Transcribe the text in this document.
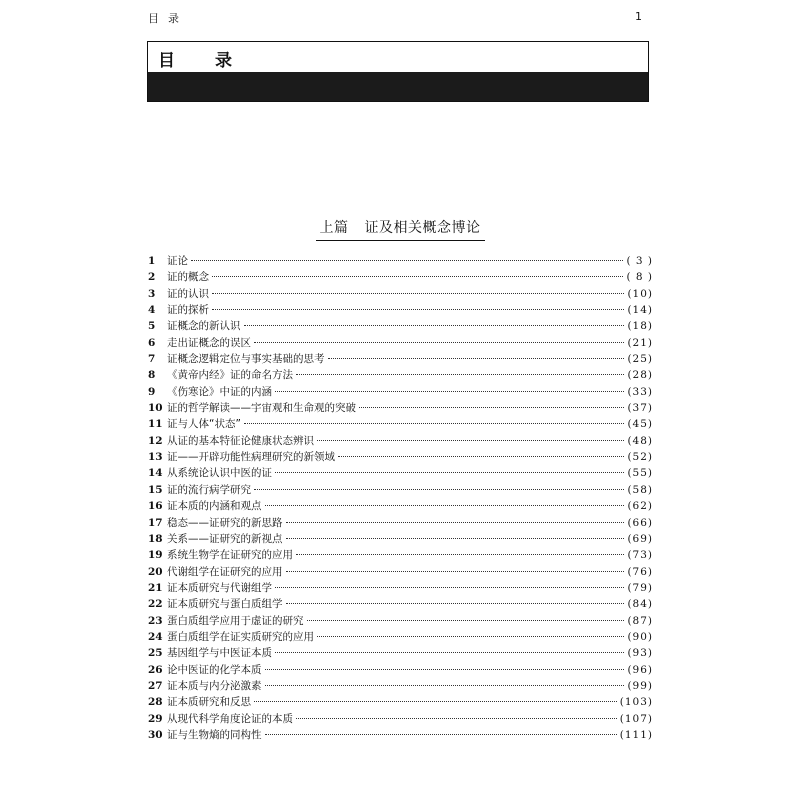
目录	1
目录
上篇 证及相关概念博论
1	证论	( 3 )
2	证的概念	( 8 )
3	证的认识	(10)
4	证的探析	(14)
5	证概念的新认识	(18)
6	走出证概念的误区	(21)
7	证概念逻辑定位与事实基础的思考	(25)
8	《黄帝内经》证的命名方法	(28)
9	《伤寒论》中证的内涵	(33)
10 证的哲学解读——宇宙观和生命观的突破	(37)
11 证与人体“状态”	(45)
12 从证的基本特征论健康状态辨识	(48)
13 证——开辟功能性病理研究的新领域	(52)
14 从系统论认识中医的证	(55)
15 证的流行病学研究	(58)
16 证本质的内涵和观点	(62)
17 稳态——证研究的新思路	(66)
18 关系——证研究的新视点	(69)
19 系统生物学在证研究的应用	(73)
20 代谢组学在证研究的应用	(76)
21 证本质研究与代谢组学	(79)
22 证本质研究与蛋白质组学	(84)
23 蛋白质组学应用于虚证的研究	(87)
24 蛋白质组学在证实质研究的应用	(90)
25 基因组学与中医证本质	(93)
26 论中医证的化学本质	(96)
27 证本质与内分泌激素	(99)
28 证本质研究和反思	(103)
29 从现代科学角度论证的本质	(107)
30 证与生物熵的同构性	(111)
